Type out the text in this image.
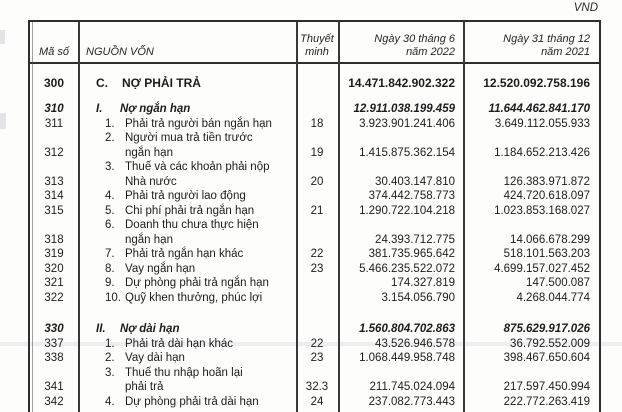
VND
Mã số	NGUỒN VỐN
Thuyết minh
Ngày 30 tháng 6
năm 2022
Ngày 31 tháng 12
năm 2021
300	C.	NỢ PHẢI TRẢ	14.471.842.902.322	12.520.092.758.196
310	I.	Nợ ngắn hạn	12.911.038.199.459	11.644.462.841.170
311	1. Phải trả người bán ngắn hạn	18	3.923.901.241.406	3.649.112.055.933
2. Người mua trả tiền trước
312	ngắn hạn	19	1.415.875.362.154	1.184.652.213.426
3. Thuế và các khoản phải nộp
313	Nhà nước	20	30.403.147.810	126.383.971.872
314	4. Phải trả người lao động	374.442.758.773	424.720.618.097
315	5. Chi phí phải trả ngắn hạn	21	1.290.722.104.218	1.023.853.168.027
6. Doanh thu chưa thực hiện
318	ngắn hạn	24.393.712.775	14.066.678.299
319	7. Phải trả ngắn hạn khác	22	381.735.965.642	518.101.563.203
320	8. Vay ngắn hạn	23	5.466.235.522.072	4.699.157.027.452
321	9. Dự phòng phải trả ngắn hạn	174.327.819	147.500.087
322	10. Quỹ khen thưởng, phúc lợi	3.154.056.790	4.268.044.774
330	II.	Nợ dài hạn	1.560.804.702.863	875.629.917.026
337	1. Phải trả dài hạn khác	22	43.526.946.578	36.792.552.009
338	2. Vay dài hạn	23	1.068.449.958.748	398.467.650.604
3. Thuế thu nhập hoãn lại
341	phải trả	32.3	211.745.024.094	217.597.450.994
342	4. Dự phòng phải trả dài hạn	24	237.082.773.443	222.772.263.419
